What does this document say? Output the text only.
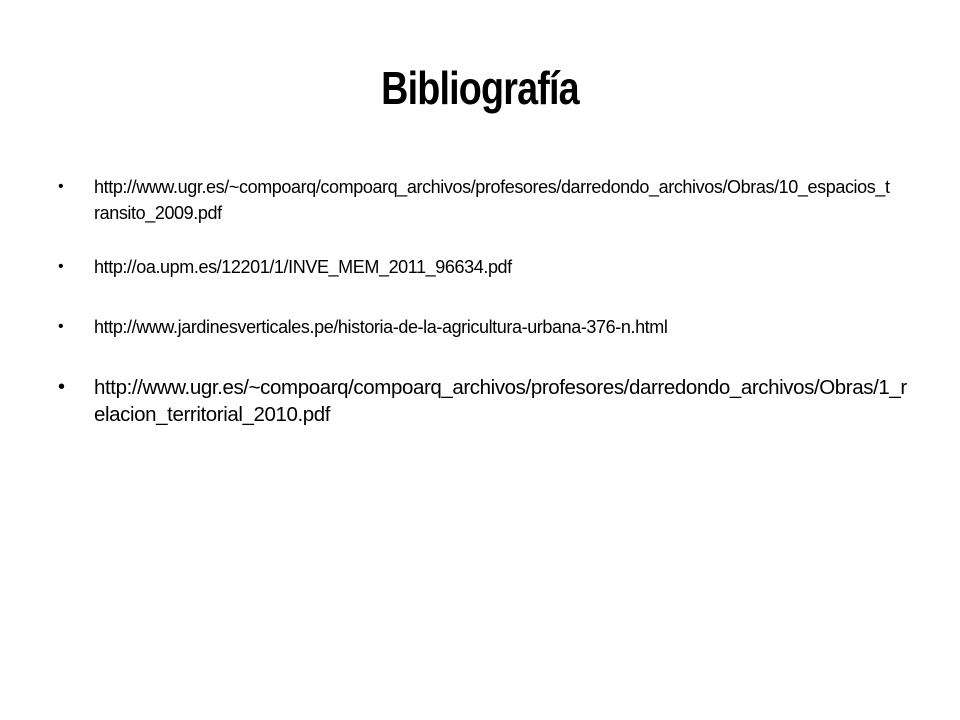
Bibliografía
• http://www.ugr.es/~compoarq/compoarq_archivos/profesores/darredondo_archivos/Obras/10_espacios_transito_2009.pdf
• http://oa.upm.es/12201/1/INVE_MEM_2011_96634.pdf
• http://www.jardinesverticales.pe/historia-de-la-agricultura-urbana-376-n.html
• http://www.ugr.es/~compoarq/compoarq_archivos/profesores/darredondo_archivos/Obras/1_relacion_territorial_2010.pdf
